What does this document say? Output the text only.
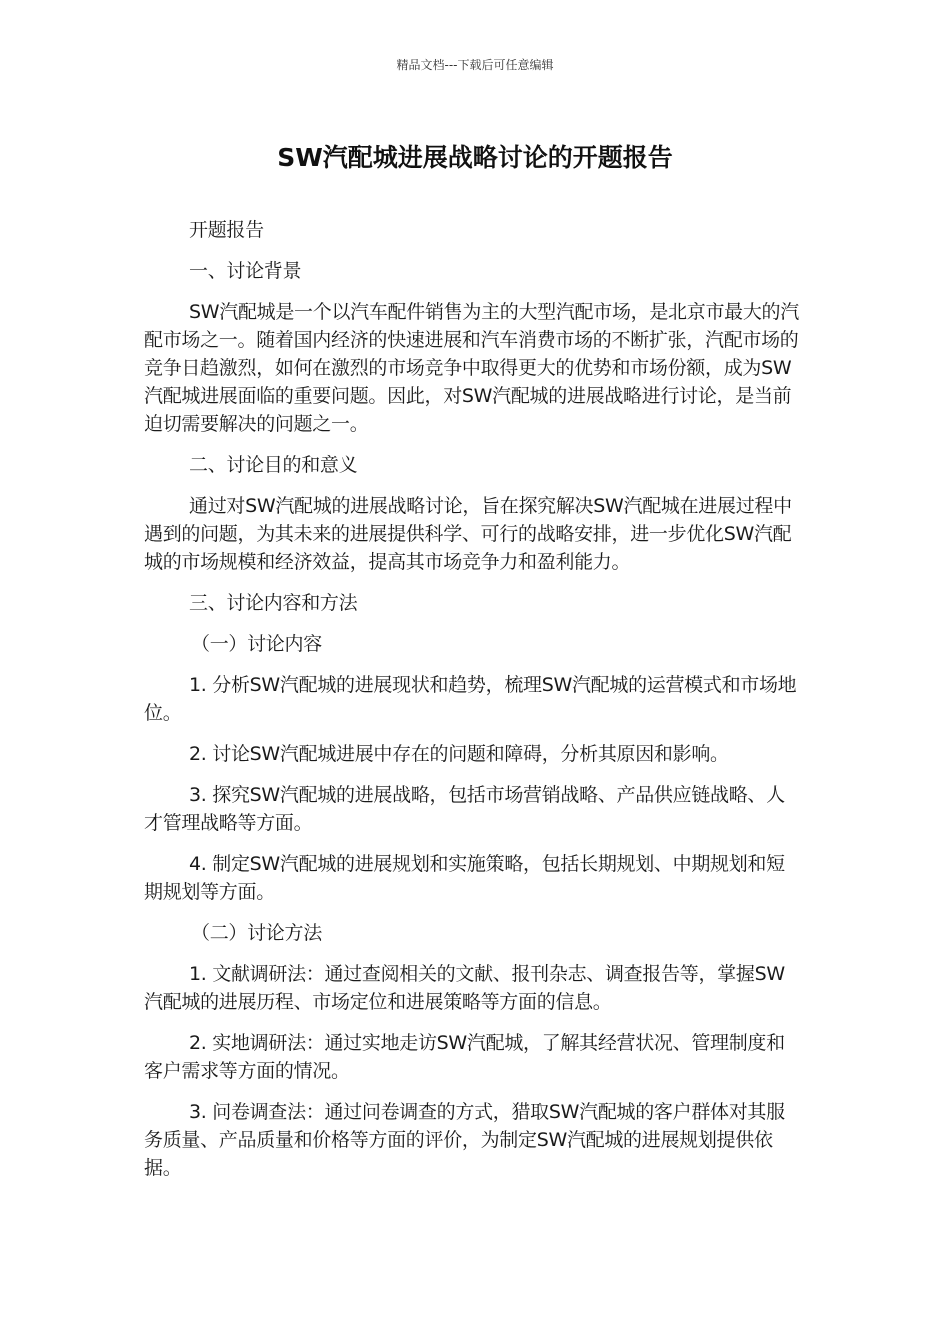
精品文档---下载后可任意编辑
SW汽配城进展战略讨论的开题报告

开题报告

一、讨论背景

SW汽配城是一个以汽车配件销售为主的大型汽配市场，是北京市最大的汽配市场之一。随着国内经济的快速进展和汽车消费市场的不断扩张，汽配市场的竞争日趋激烈，如何在激烈的市场竞争中取得更大的优势和市场份额，成为SW汽配城进展面临的重要问题。因此，对SW汽配城的进展战略进行讨论，是当前迫切需要解决的问题之一。

二、讨论目的和意义

通过对SW汽配城的进展战略讨论，旨在探究解决SW汽配城在进展过程中遇到的问题，为其未来的进展提供科学、可行的战略安排，进一步优化SW汽配城的市场规模和经济效益，提高其市场竞争力和盈利能力。

三、讨论内容和方法

（一）讨论内容

1. 分析SW汽配城的进展现状和趋势，梳理SW汽配城的运营模式和市场地位。

2. 讨论SW汽配城进展中存在的问题和障碍，分析其原因和影响。

3. 探究SW汽配城的进展战略，包括市场营销战略、产品供应链战略、人才管理战略等方面。

4. 制定SW汽配城的进展规划和实施策略，包括长期规划、中期规划和短期规划等方面。

（二）讨论方法

1. 文献调研法：通过查阅相关的文献、报刊杂志、调查报告等，掌握SW汽配城的进展历程、市场定位和进展策略等方面的信息。

2. 实地调研法：通过实地走访SW汽配城，了解其经营状况、管理制度和客户需求等方面的情况。

3. 问卷调查法：通过问卷调查的方式，猎取SW汽配城的客户群体对其服务质量、产品质量和价格等方面的评价，为制定SW汽配城的进展规划提供依据。
